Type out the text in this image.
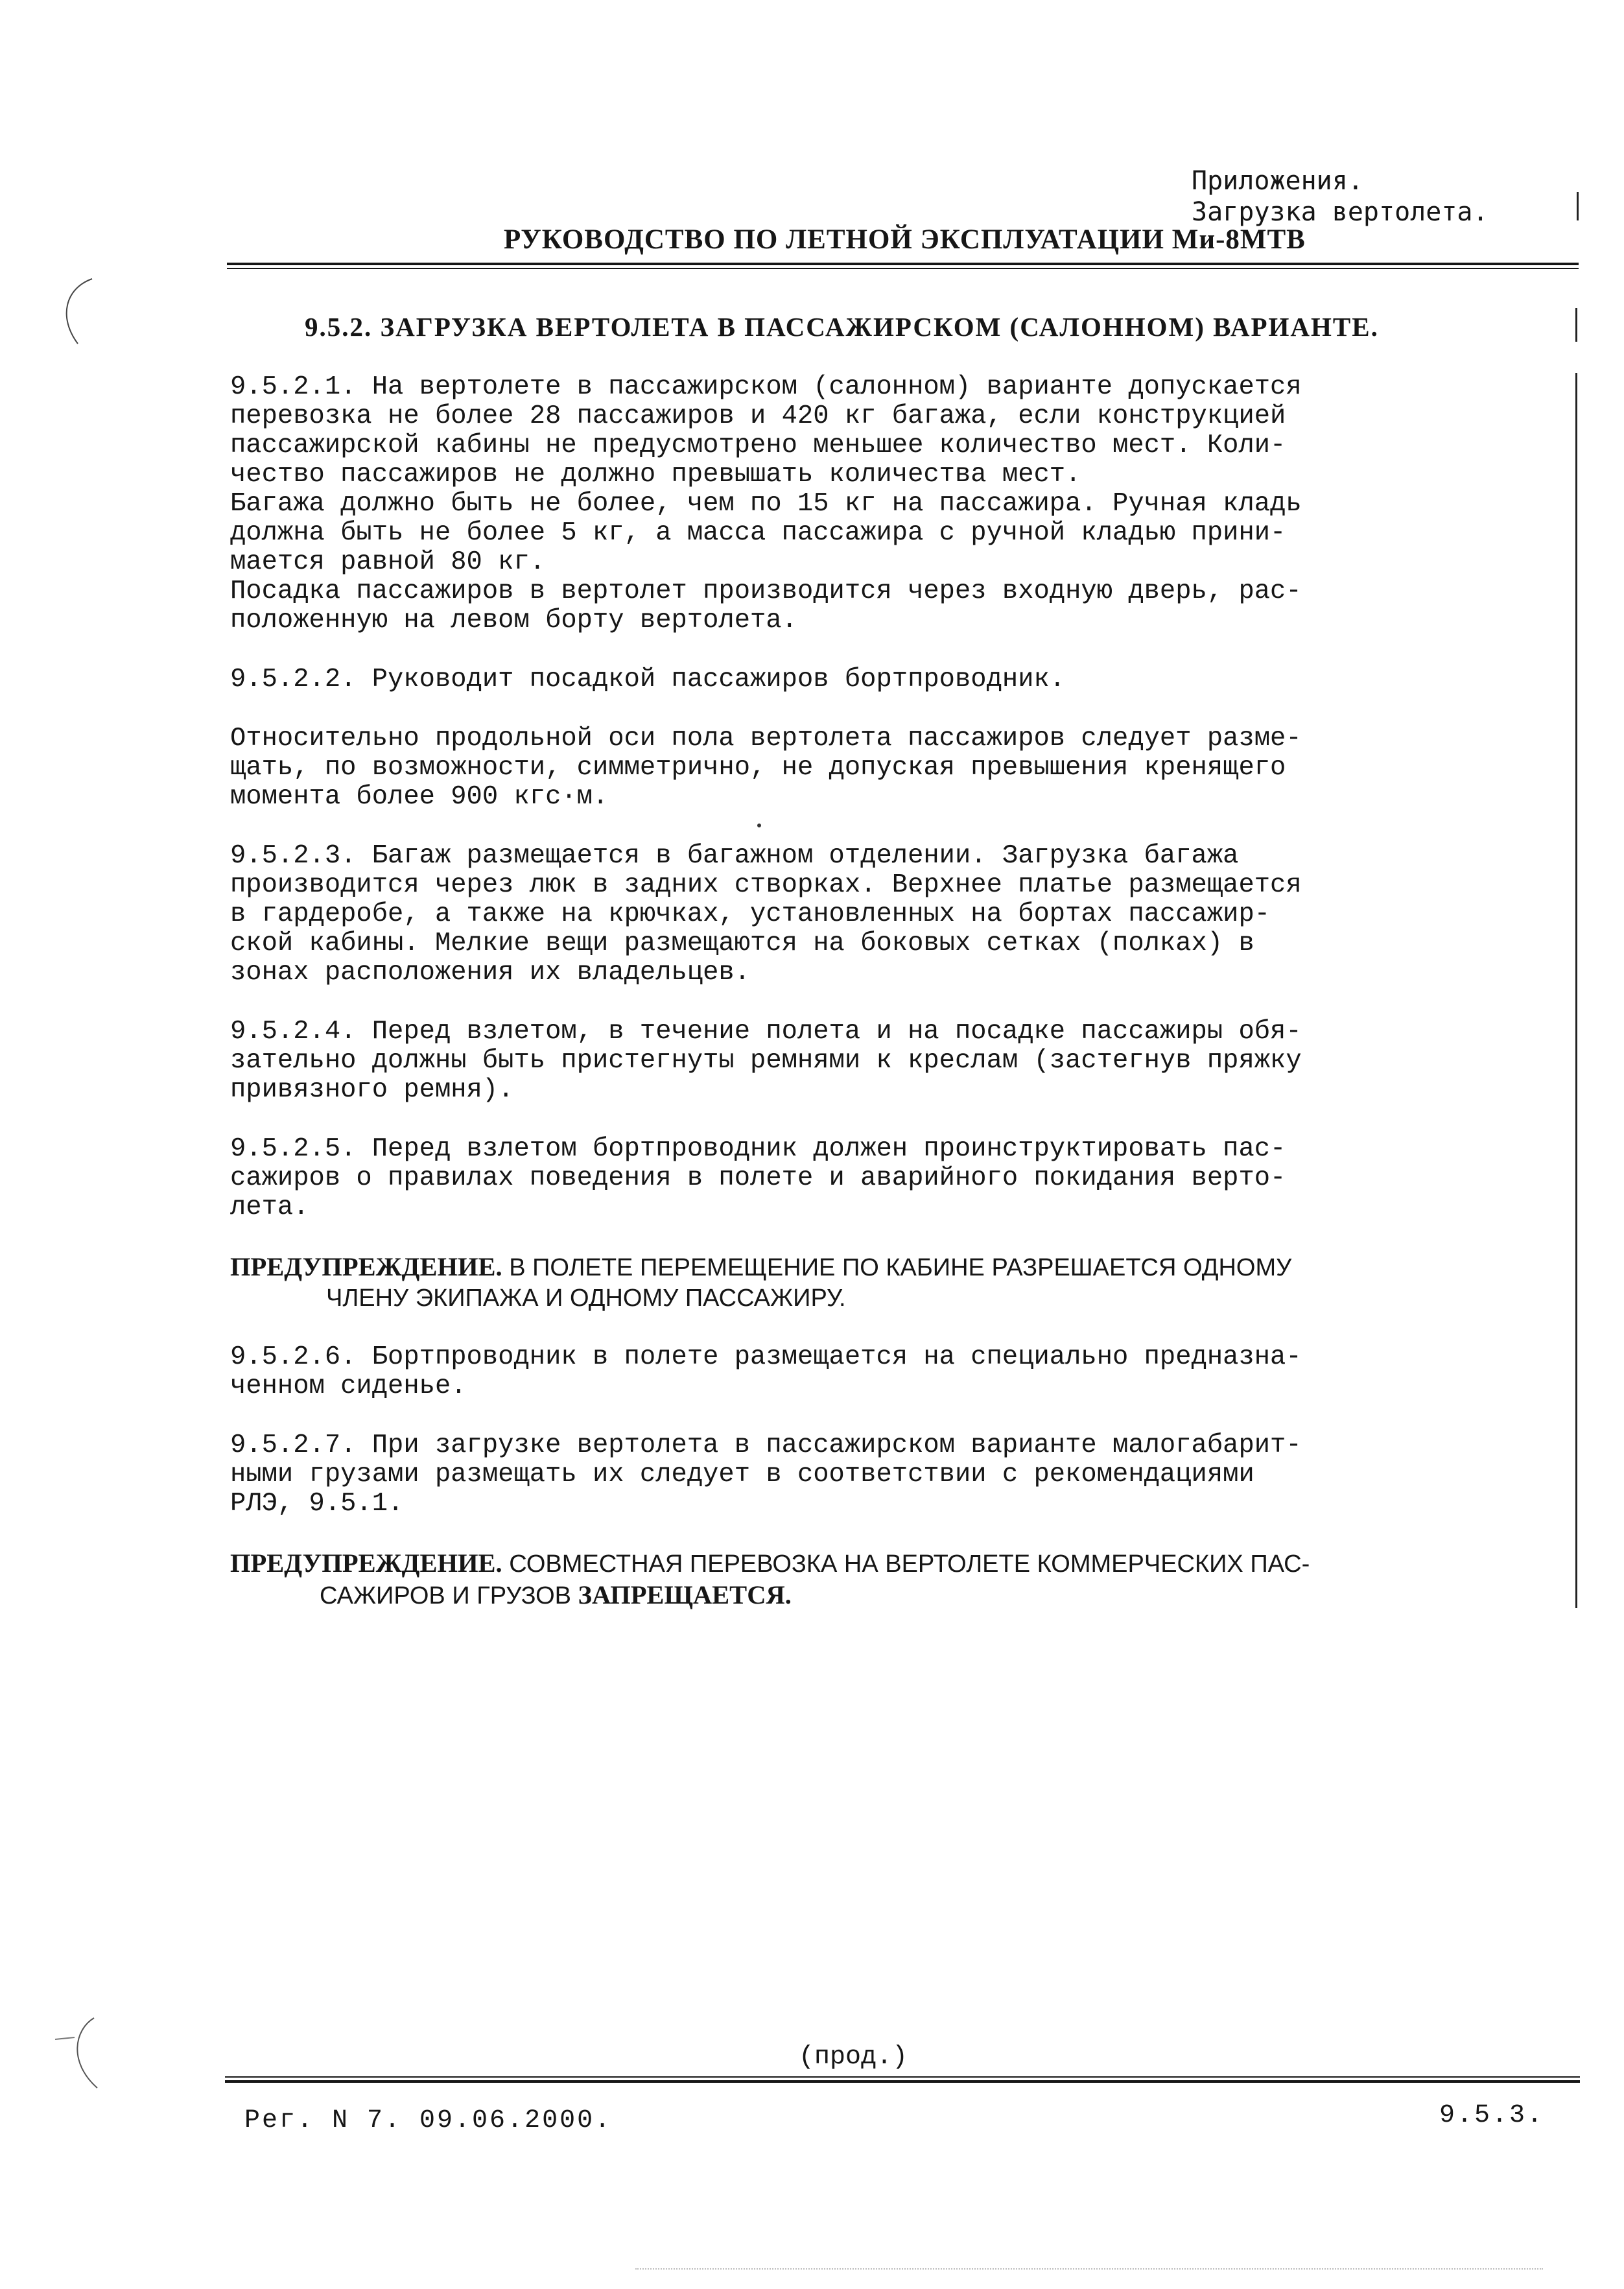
Приложения.
Загрузка вертолета.
РУКОВОДСТВО ПО ЛЕТНОЙ ЭКСПЛУАТАЦИИ Ми-8МТВ
9.5.2. ЗАГРУЗКА ВЕРТОЛЕТА В ПАССАЖИРСКОМ (САЛОННОМ) ВАРИАНТЕ.

9.5.2.1. На вертолете в пассажирском (салонном) варианте допускается
перевозка не более 28 пассажиров и 420 кг багажа, если конструкцией
пассажирской кабины не предусмотрено меньшее количество мест. Коли-
чество пассажиров не должно превышать количества мест.
Багажа должно быть не более, чем по 15 кг на пассажира. Ручная кладь
должна быть не более 5 кг, а масса пассажира с ручной кладью прини-
мается равной 80 кг.
Посадка пассажиров в вертолет производится через входную дверь, рас-
положенную на левом борту вертолета.

9.5.2.2. Руководит посадкой пассажиров бортпроводник.

Относительно продольной оси пола вертолета пассажиров следует разме-
щать, по возможности, симметрично, не допуская превышения кренящего
момента более 900 кгс·м.

9.5.2.3. Багаж размещается в багажном отделении. Загрузка багажа
производится через люк в задних створках. Верхнее платье размещается
в гардеробе, а также на крючках, установленных на бортах пассажир-
ской кабины. Мелкие вещи размещаются на боковых сетках (полках) в
зонах расположения их владельцев.

9.5.2.4. Перед взлетом, в течение полета и на посадке пассажиры обя-
зательно должны быть пристегнуты ремнями к креслам (застегнув пряжку
привязного ремня).

9.5.2.5. Перед взлетом бортпроводник должен проинструктировать пас-
сажиров о правилах поведения в полете и аварийного покидания верто-
лета.

ПРЕДУПРЕЖДЕНИЕ. В ПОЛЕТЕ ПЕРЕМЕЩЕНИЕ ПО КАБИНЕ РАЗРЕШАЕТСЯ ОДНОМУ
ЧЛЕНУ ЭКИПАЖА И ОДНОМУ ПАССАЖИРУ.

9.5.2.6. Бортпроводник в полете размещается на специально предназна-
ченном сиденье.

9.5.2.7. При загрузке вертолета в пассажирском варианте малогабарит-
ными грузами размещать их следует в соответствии с рекомендациями
РЛЭ, 9.5.1.

ПРЕДУПРЕЖДЕНИЕ. СОВМЕСТНАЯ ПЕРЕВОЗКА НА ВЕРТОЛЕТЕ КОММЕРЧЕСКИХ ПАС-
САЖИРОВ И ГРУЗОВ ЗАПРЕЩАЕТСЯ.
(прод.)
Рег. N 7. 09.06.2000.	9.5.3.
